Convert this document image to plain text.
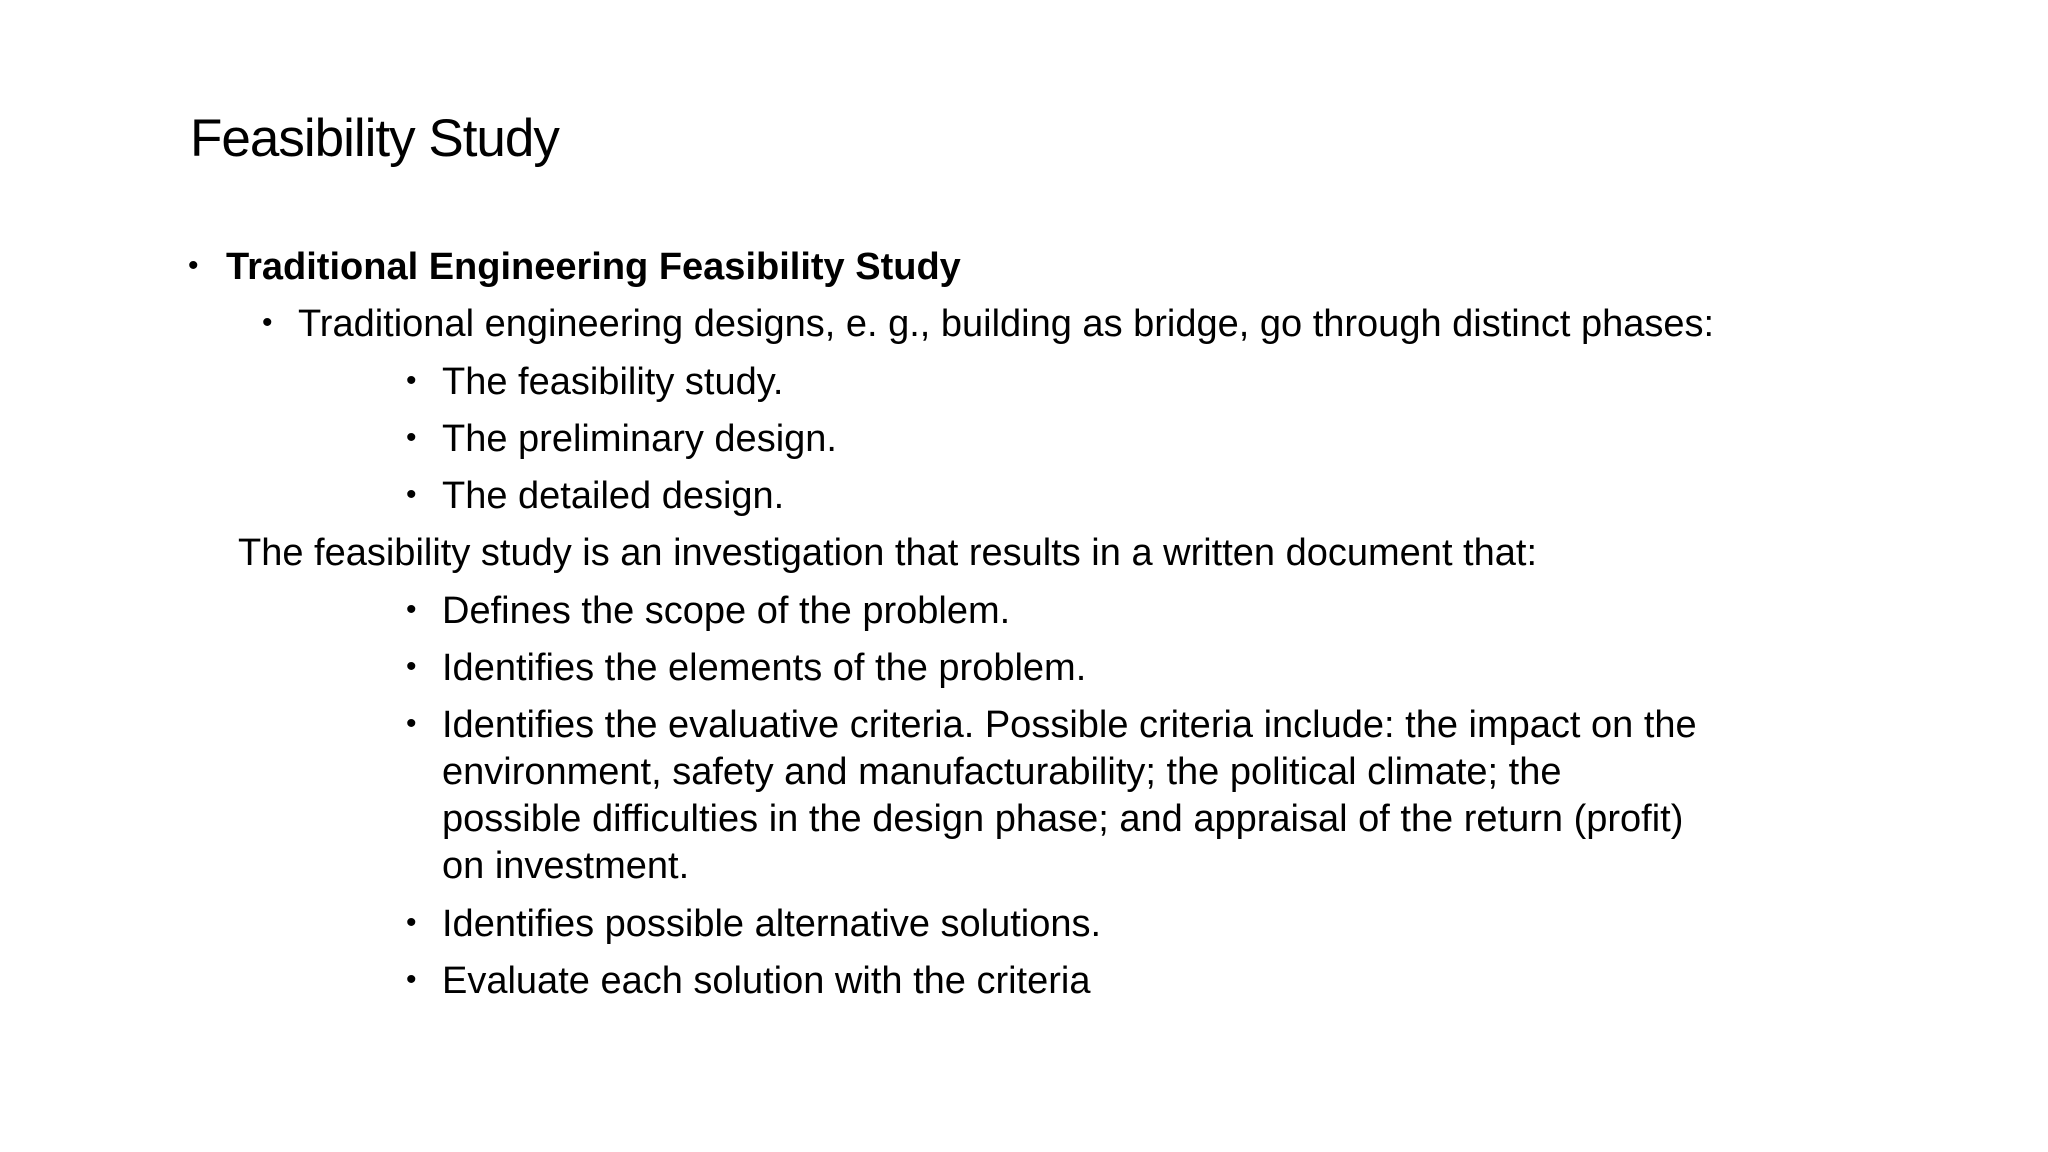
Feasibility Study
• Traditional Engineering Feasibility Study
• Traditional engineering designs, e. g., building as bridge, go through distinct phases:
• The feasibility study.
• The preliminary design.
• The detailed design.
The feasibility study is an investigation that results in a written document that:
• Defines the scope of the problem.
• Identifies the elements of the problem.
• Identifies the evaluative criteria. Possible criteria include: the impact on the
environment, safety and manufacturability; the political climate; the
possible difficulties in the design phase; and appraisal of the return (profit)
on investment.
• Identifies possible alternative solutions.
• Evaluate each solution with the criteria
